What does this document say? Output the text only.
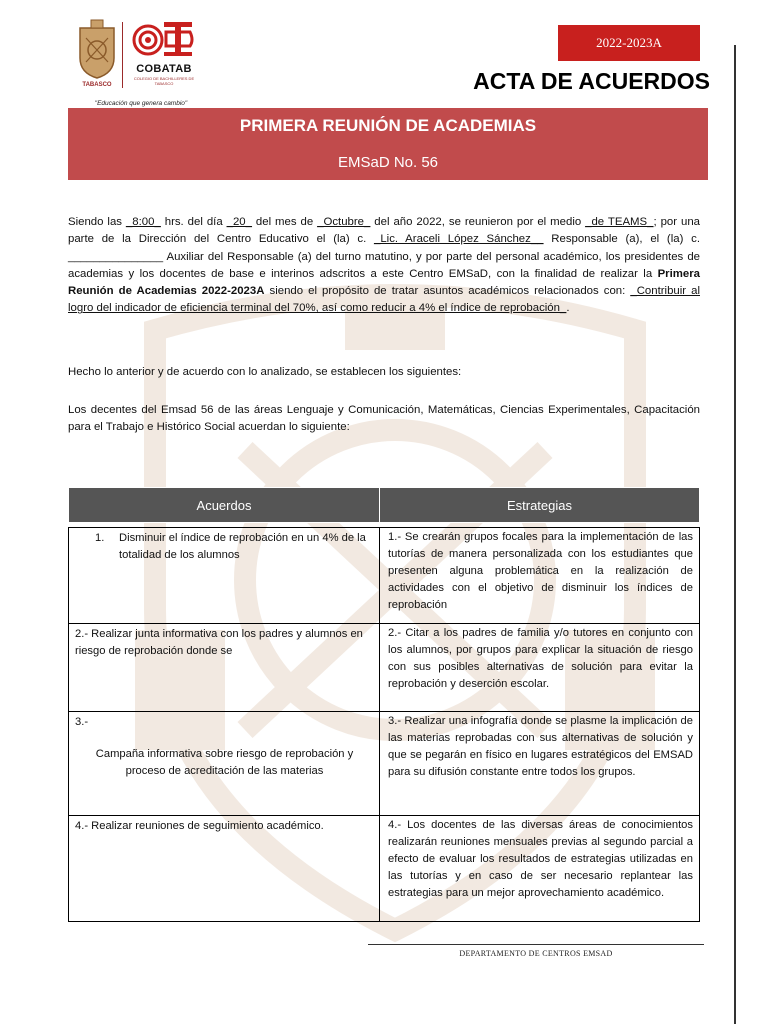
TABASCO
COBATAB
COLEGIO DE BACHILLERES DE TABASCO
"Educación que genera cambio"
2022-2023A
ACTA DE ACUERDOS
PRIMERA REUNIÓN DE ACADEMIAS
EMSaD No. 56
Siendo las _8:00_ hrs. del día _20_ del mes de _Octubre_ del año 2022, se reunieron por el medio _de TEAMS_; por una parte de la Dirección del Centro Educativo el (la) c. _Lic. Araceli López Sánchez__ Responsable (a), el (la) c. _______________ Auxiliar del Responsable (a) del turno matutino, y por parte del personal académico, los presidentes de academias y los docentes de base e interinos adscritos a este Centro EMSaD, con la finalidad de realizar la Primera Reunión de Academias 2022-2023A siendo el propósito de tratar asuntos académicos relacionados con: _Contribuir al logro del indicador de eficiencia terminal del 70%, así como reducir a 4% el índice de reprobación_.
Hecho lo anterior y de acuerdo con lo analizado, se establecen los siguientes:
Los decentes del Emsad 56 de las áreas Lenguaje y Comunicación, Matemáticas, Ciencias Experimentales, Capacitación para el Trabajo e Histórico Social acuerdan lo siguiente:
Acuerdos	Estrategias

1. Disminuir el índice de reprobación en un 4% de la totalidad de los alumnos	1.- Se crearán grupos focales para la implementación de las tutorías de manera personalizada con los estudiantes que presenten alguna problemática en la realización de actividades con el objetivo de disminuir los índices de reprobación
2.- Realizar junta informativa con los padres y alumnos en riesgo de reprobación donde se	2.- Citar a los padres de familia y/o tutores en conjunto con los alumnos, por grupos para explicar la situación de riesgo con sus posibles alternativas de solución para evitar la reprobación y deserción escolar.

3.-
Campaña informativa sobre riesgo de reprobación y proceso de acreditación de las materias	3.- Realizar una infografía donde se plasme la implicación de las materias reprobadas con sus alternativas de solución y que se pegarán en físico en lugares estratégicos del EMSAD para su difusión constante entre todos los grupos.
4.- Realizar reuniones de seguimiento académico.	4.- Los docentes de las diversas áreas de conocimientos realizarán reuniones mensuales previas al segundo parcial a efecto de evaluar los resultados de estrategias utilizadas en las tutorías y en caso de ser necesario replantear las estrategias para un mejor aprovechamiento académico.
DEPARTAMENTO DE CENTROS EMSAD
